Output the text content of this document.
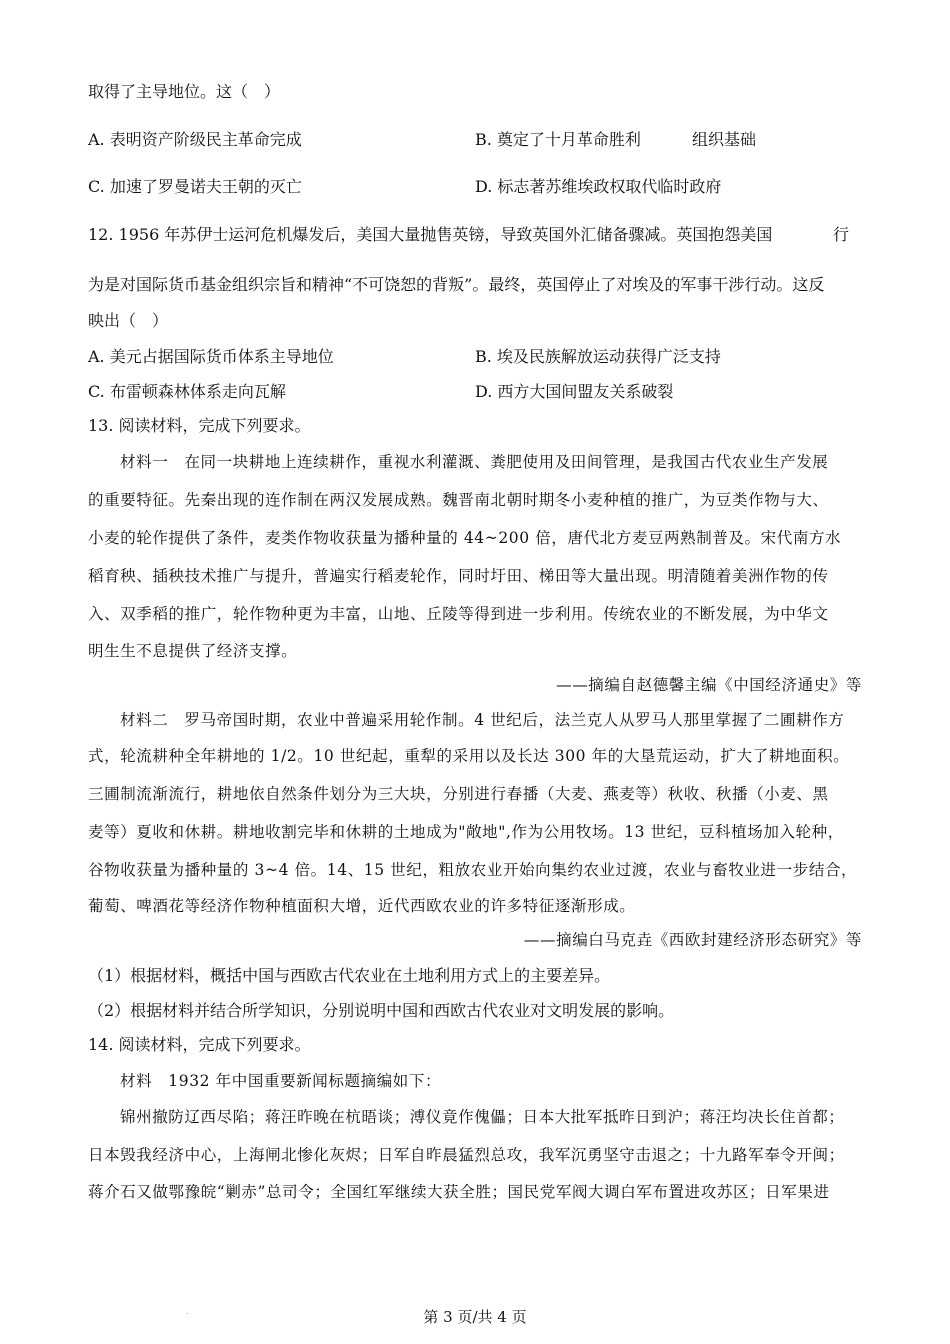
取得了主导地位。这（　）
A. 表明资产阶级民主革命完成	B. 奠定了十月革命胜利	组织基础
C. 加速了罗曼诺夫王朝的灭亡	D. 标志著苏维埃政权取代临时政府
12. 1956 年苏伊士运河危机爆发后，美国大量抛售英镑，导致英国外汇储备骤减。英国抱怨美国	行
为是对国际货币基金组织宗旨和精神“不可饶恕的背叛”。最终，英国停止了对埃及的军事干涉行动。这反
映出（　）
A. 美元占据国际货币体系主导地位	B. 埃及民族解放运动获得广泛支持
C. 布雷顿森林体系走向瓦解	D. 西方大国间盟友关系破裂
13. 阅读材料，完成下列要求。
材料一　在同一块耕地上连续耕作，重视水利灌溉、粪肥使用及田间管理，是我国古代农业生产发展
的重要特征。先秦出现的连作制在两汉发展成熟。魏晋南北朝时期冬小麦种植的推广，为豆类作物与大、
小麦的轮作提供了条件，麦类作物收获量为播种量的 44~200 倍，唐代北方麦豆两熟制普及。宋代南方水
稻育秧、插秧技术推广与提升，普遍实行稻麦轮作，同时圩田、梯田等大量出现。明清随着美洲作物的传
入、双季稻的推广，轮作物种更为丰富，山地、丘陵等得到进一步利用。传统农业的不断发展，为中华文
明生生不息提供了经济支撑。
——摘编自赵德馨主编《中国经济通史》等
材料二　罗马帝国时期，农业中普遍采用轮作制。4 世纪后，法兰克人从罗马人那里掌握了二圃耕作方
式，轮流耕种全年耕地的 1/2。10 世纪起，重犁的采用以及长达 300 年的大垦荒运动，扩大了耕地面积。
三圃制流渐流行，耕地依自然条件划分为三大块，分别进行春播（大麦、燕麦等）秋收、秋播（小麦、黑
麦等）夏收和休耕。耕地收割完毕和休耕的土地成为"敞地",作为公用牧场。13 世纪，豆科植场加入轮种，
谷物收获量为播种量的 3~4 倍。14、15 世纪，粗放农业开始向集约农业过渡，农业与畜牧业进一步结合，
葡萄、啤酒花等经济作物种植面积大增，近代西欧农业的许多特征逐渐形成。
——摘编白马克垚《西欧封建经济形态研究》等
（1）根据材料，概括中国与西欧古代农业在土地利用方式上的主要差异。
（2）根据材料并结合所学知识，分别说明中国和西欧古代农业对文明发展的影响。
14. 阅读材料，完成下列要求。
材料　1932 年中国重要新闻标题摘编如下：
锦州撤防辽西尽陷；蒋汪昨晚在杭晤谈；溥仪竟作傀儡；日本大批军抵昨日到沪；蒋汪均决长住首都；
日本毁我经济中心，上海闸北惨化灰烬；日军自昨晨猛烈总攻，我军沉勇坚守击退之；十九路军奉令开闽；
蒋介石又做鄂豫皖“剿赤”总司令；全国红军继续大获全胜；国民党军阀大调白军布置进攻苏区；日军果进
.	第 3 页/共 4 页
